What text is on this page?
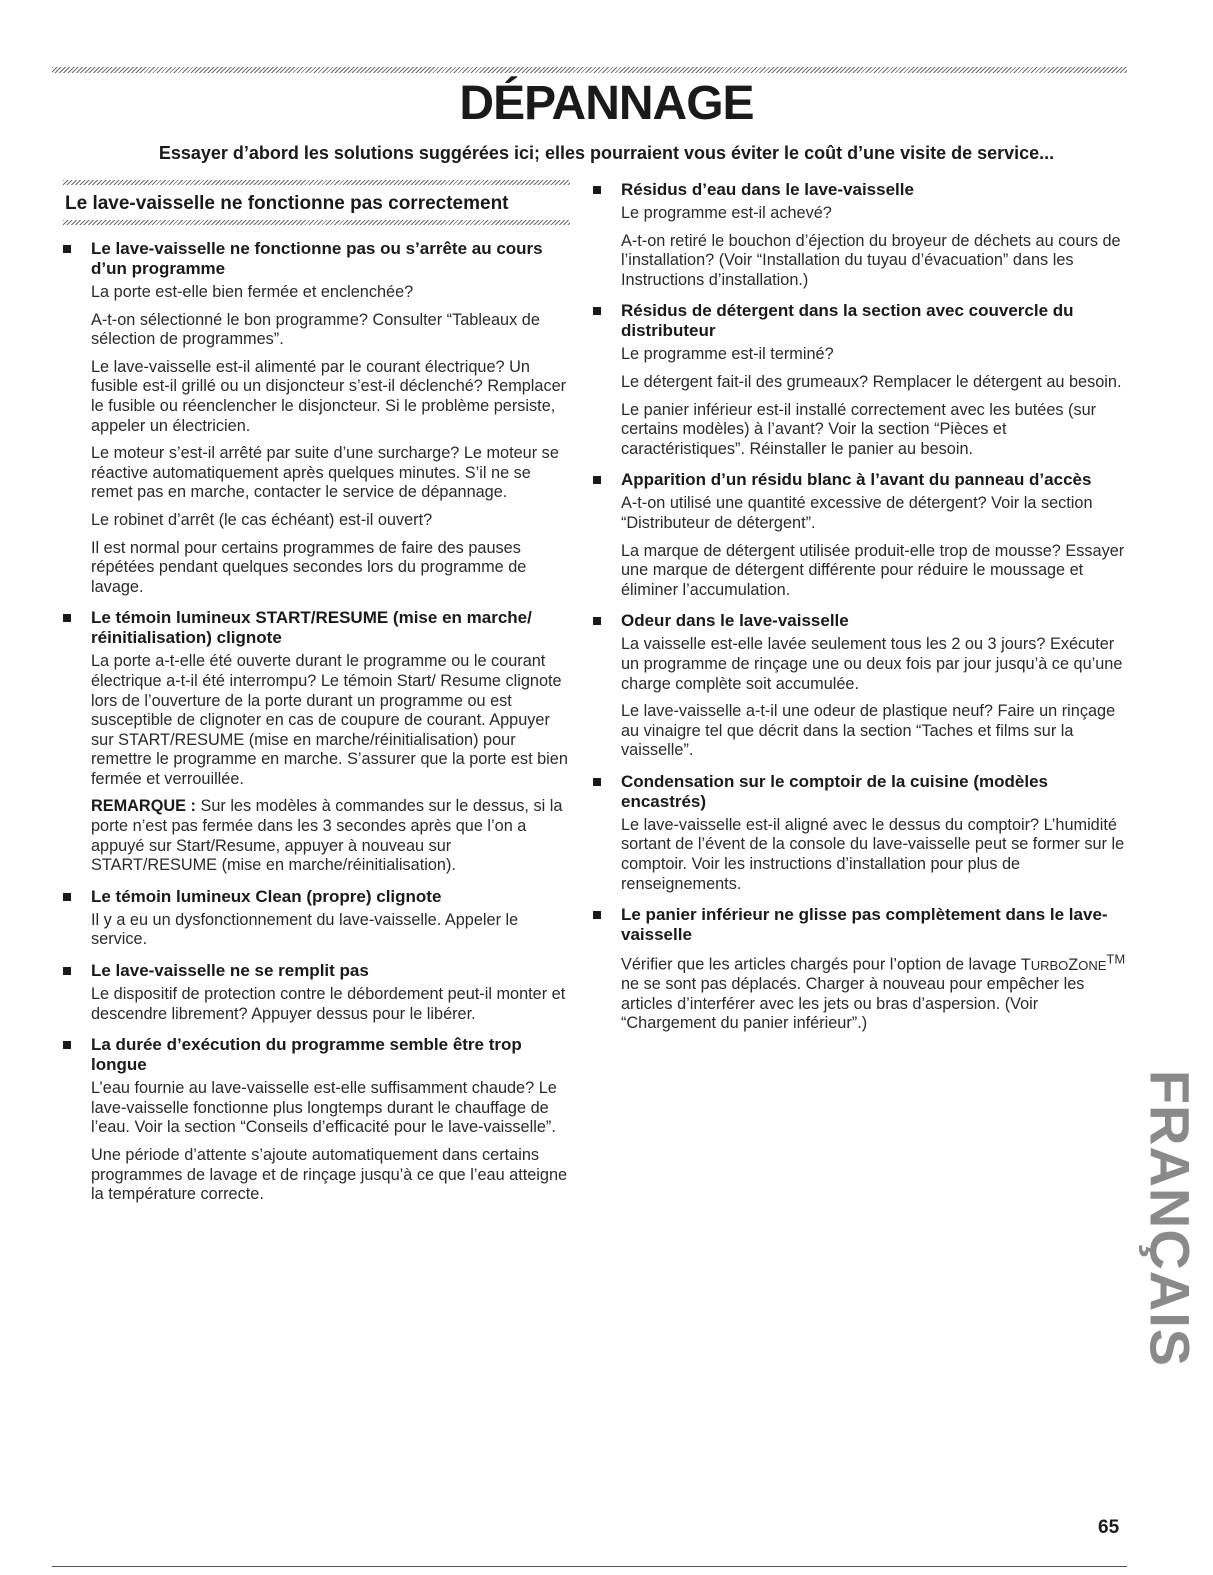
DÉPANNAGE

Essayer d’abord les solutions suggérées ici; elles pourraient vous éviter le coût d’une visite de service...

Le lave-vaisselle ne fonctionne pas correctement
Le lave-vaisselle ne fonctionne pas ou s’arrête au cours d’un programme

La porte est-elle bien fermée et enclenchée?

A-t-on sélectionné le bon programme? Consulter “Tableaux de sélection de programmes”.

Le lave-vaisselle est-il alimenté par le courant électrique? Un fusible est-il grillé ou un disjoncteur s’est-il déclenché? Remplacer le fusible ou réenclencher le disjoncteur. Si le problème persiste, appeler un électricien.

Le moteur s’est-il arrêté par suite d’une surcharge? Le moteur se réactive automatiquement après quelques minutes. S’il ne se remet pas en marche, contacter le service de dépannage.

Le robinet d’arrêt (le cas échéant) est-il ouvert?

Il est normal pour certains programmes de faire des pauses répétées pendant quelques secondes lors du programme de lavage.

Le témoin lumineux START/RESUME (mise en marche/ réinitialisation) clignote

La porte a-t-elle été ouverte durant le programme ou le courant électrique a-t-il été interrompu? Le témoin Start/ Resume clignote lors de l’ouverture de la porte durant un programme ou est susceptible de clignoter en cas de coupure de courant. Appuyer sur START/RESUME (mise en marche/réinitialisation) pour remettre le programme en marche. S’assurer que la porte est bien fermée et verrouillée.

REMARQUE : Sur les modèles à commandes sur le dessus, si la porte n’est pas fermée dans les 3 secondes après que l’on a appuyé sur Start/Resume, appuyer à nouveau sur START/RESUME (mise en marche/réinitialisation).

Le témoin lumineux Clean (propre) clignote

Il y a eu un dysfonctionnement du lave-vaisselle. Appeler le service.

Le lave-vaisselle ne se remplit pas

Le dispositif de protection contre le débordement peut-il monter et descendre librement? Appuyer dessus pour le libérer.

La durée d’exécution du programme semble être trop longue

L’eau fournie au lave-vaisselle est-elle suffisamment chaude? Le lave-vaisselle fonctionne plus longtemps durant le chauffage de l’eau. Voir la section “Conseils d’efficacité pour le lave-vaisselle”.

Une période d’attente s’ajoute automatiquement dans certains programmes de lavage et de rinçage jusqu’à ce que l’eau atteigne la température correcte.

Résidus d’eau dans le lave-vaisselle

Le programme est-il achevé?

A-t-on retiré le bouchon d’éjection du broyeur de déchets au cours de l’installation? (Voir “Installation du tuyau d’évacuation” dans les Instructions d’installation.)

Résidus de détergent dans la section avec couvercle du distributeur

Le programme est-il terminé?

Le détergent fait-il des grumeaux? Remplacer le détergent au besoin.

Le panier inférieur est-il installé correctement avec les butées (sur certains modèles) à l’avant? Voir la section “Pièces et caractéristiques”. Réinstaller le panier au besoin.

Apparition d’un résidu blanc à l’avant du panneau d’accès

A-t-on utilisé une quantité excessive de détergent? Voir la section “Distributeur de détergent”.

La marque de détergent utilisée produit-elle trop de mousse? Essayer une marque de détergent différente pour réduire le moussage et éliminer l’accumulation.

Odeur dans le lave-vaisselle

La vaisselle est-elle lavée seulement tous les 2 ou 3 jours? Exécuter un programme de rinçage une ou deux fois par jour jusqu’à ce qu’une charge complète soit accumulée.

Le lave-vaisselle a-t-il une odeur de plastique neuf? Faire un rinçage au vinaigre tel que décrit dans la section “Taches et films sur la vaisselle”.

Condensation sur le comptoir de la cuisine (modèles encastrés)

Le lave-vaisselle est-il aligné avec le dessus du comptoir? L’humidité sortant de l’évent de la console du lave-vaisselle peut se former sur le comptoir. Voir les instructions d’installation pour plus de renseignements.

Le panier inférieur ne glisse pas complètement dans le lave-vaisselle

Vérifier que les articles chargés pour l’option de lavage TURBOZONE™ ne se sont pas déplacés. Charger à nouveau pour empêcher les articles d’interférer avec les jets ou bras d’aspersion. (Voir “Chargement du panier inférieur”.)

FRANÇAIS
65
